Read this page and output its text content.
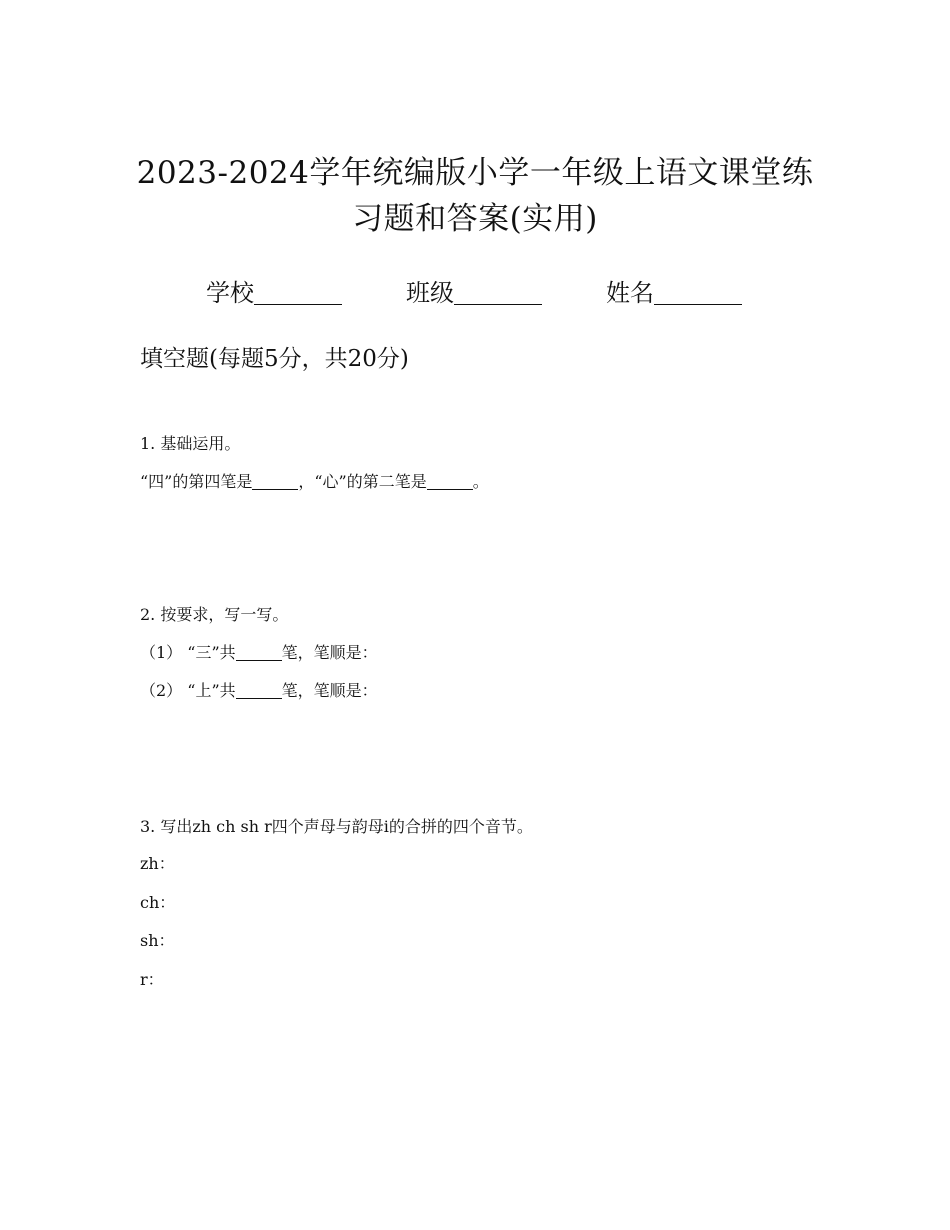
2023-2024学年统编版小学一年级上语文课堂练
习题和答案(实用)
学校	班级	姓名
填空题(每题5分，共20分)
1. 基础运用。
“四”的第四笔是	，“心”的第二笔是	。
2. 按要求，写一写。
（1） “三”共	笔，笔顺是：
（2） “上”共	笔，笔顺是：
3. 写出zh ch sh r四个声母与韵母i的合拼的四个音节。
zh：
ch：
sh：
r：
